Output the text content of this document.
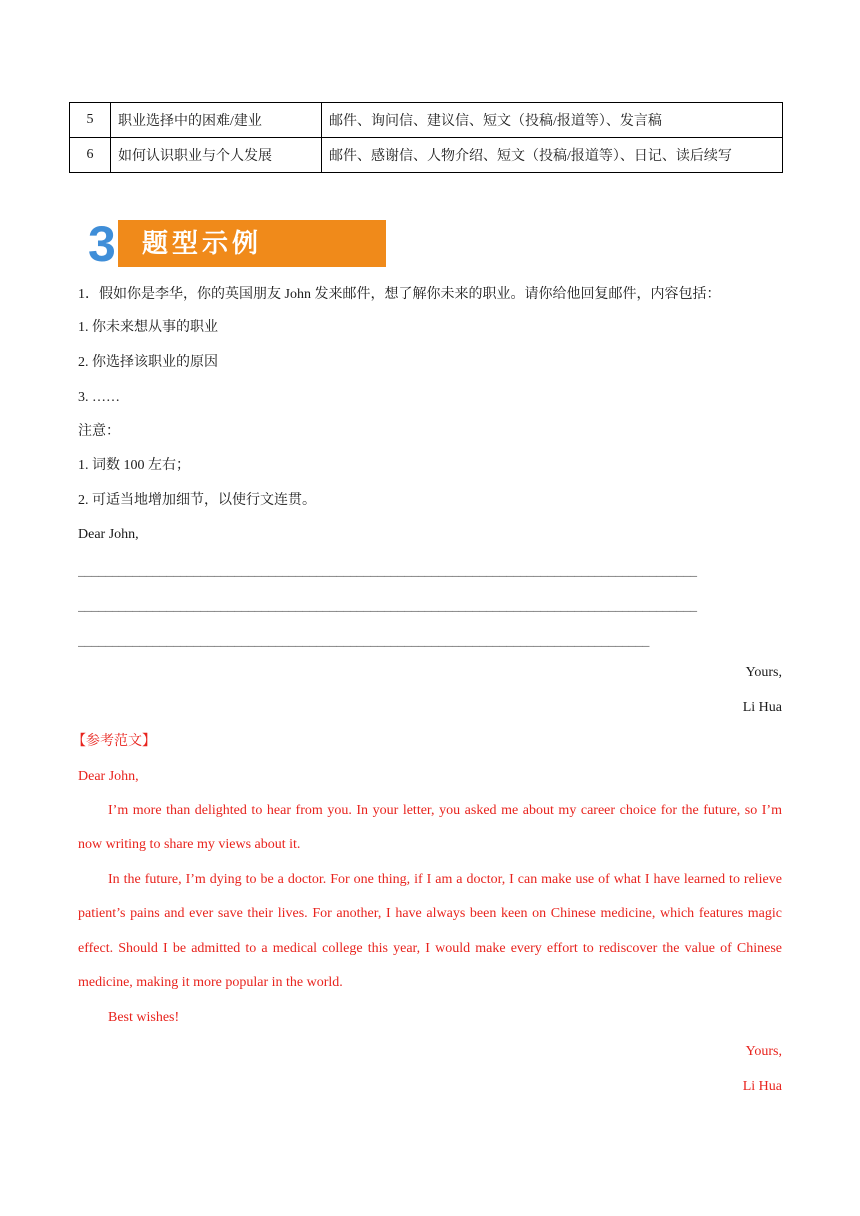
5	职业选择中的困难/建业	邮件、询问信、建议信、短文（投稿/报道等）、发言稿
6	如何认识职业与个人发展	邮件、感谢信、人物介绍、短文（投稿/报道等）、日记、读后续写
3 题型示例
1．假如你是李华，你的英国朋友 John 发来邮件，想了解你未来的职业。请你给他回复邮件，内容包括：
1. 你未来想从事的职业
2. 你选择该职业的原因
3. ……
注意：
1. 词数 100 左右；
2. 可适当地增加细节，以使行文连贯。
Dear John,
___________________________________________________________________________________________
___________________________________________________________________________________________
____________________________________________________________________________________
Yours,
Li Hua
【参考范文】
Dear John,
I’m more than delighted to hear from you. In your letter, you asked me about my career choice for the future, so I’m now writing to share my views about it.
In the future, I’m dying to be a doctor. For one thing, if I am a doctor, I can make use of what I have learned to relieve patient’s pains and ever save their lives. For another, I have always been keen on Chinese medicine, which features magic effect. Should I be admitted to a medical college this year, I would make every effort to rediscover the value of Chinese medicine, making it more popular in the world.
Best wishes!
Yours,
Li Hua
